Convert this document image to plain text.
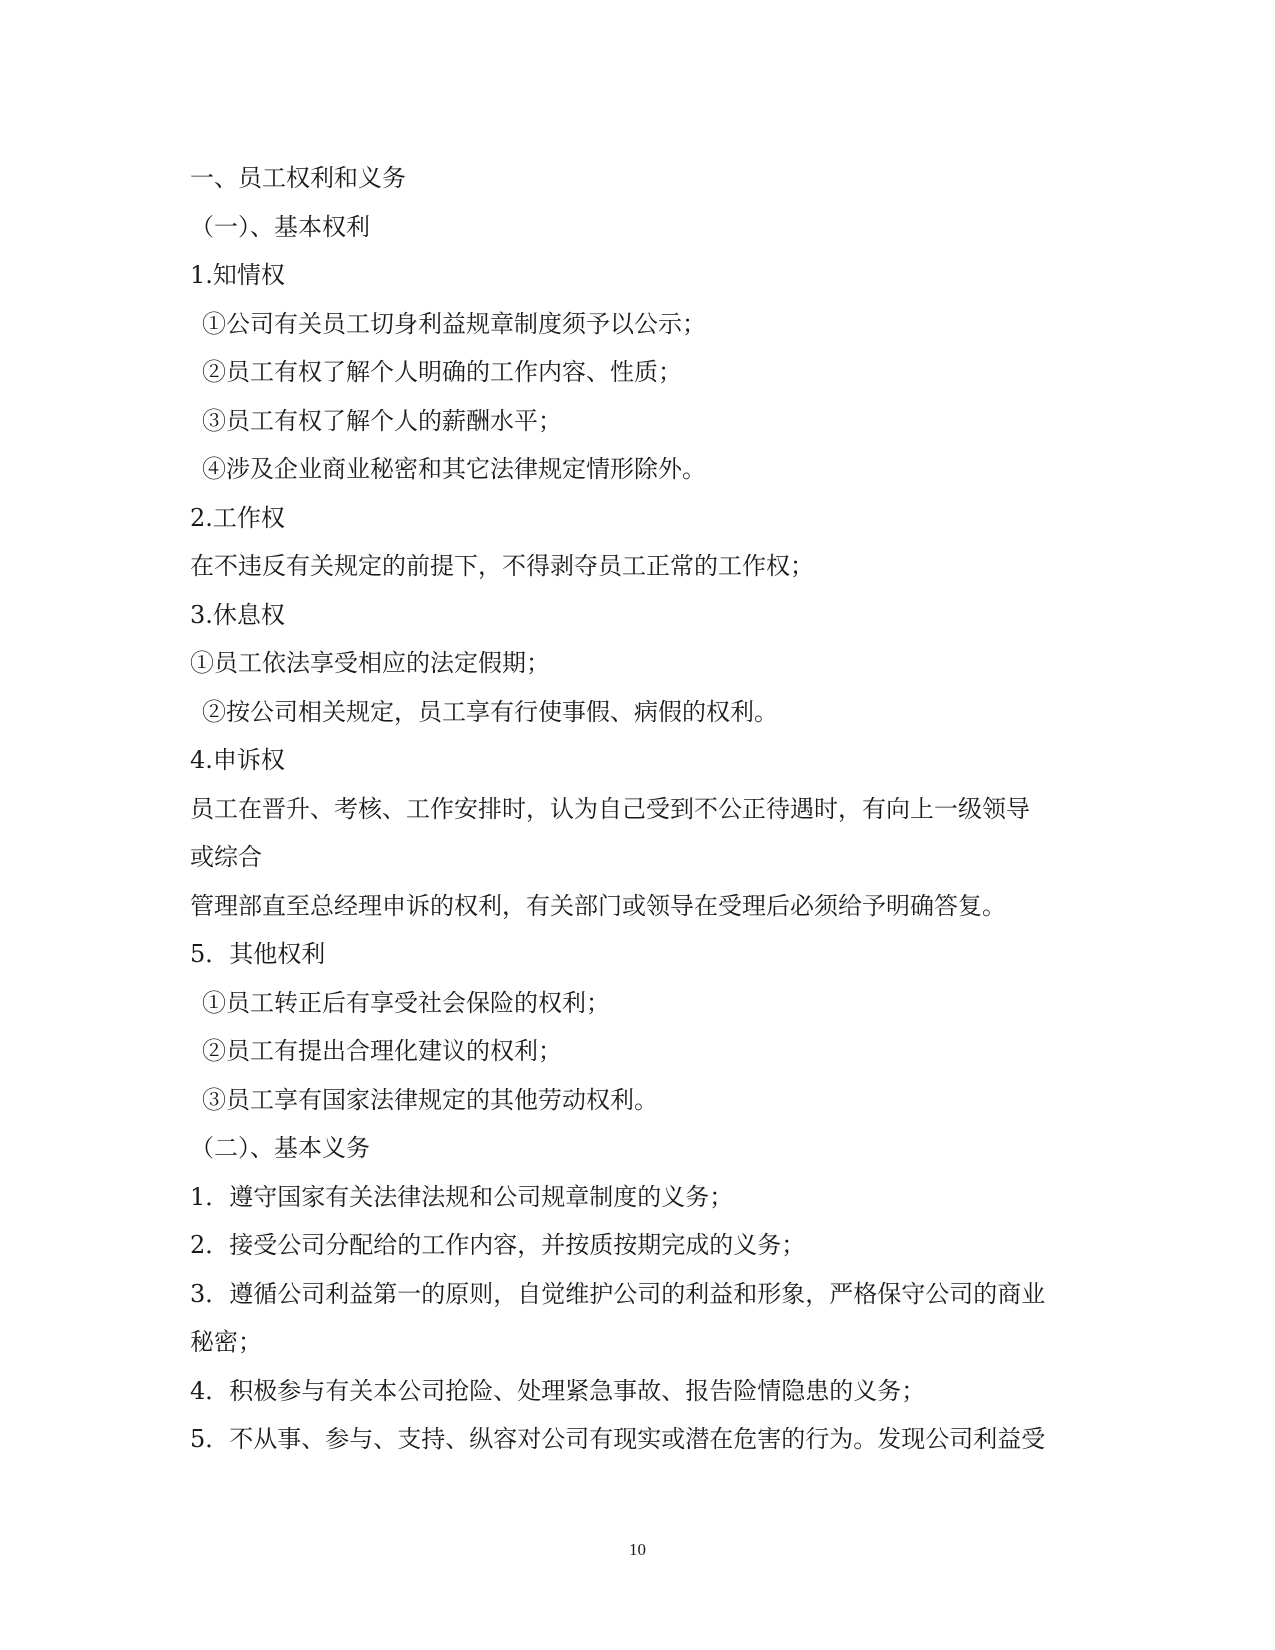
一、员工权利和义务
（一）、基本权利
1.知情权
①公司有关员工切身利益规章制度须予以公示；
②员工有权了解个人明确的工作内容、性质；
③员工有权了解个人的薪酬水平；
④涉及企业商业秘密和其它法律规定情形除外。
2.工作权
在不违反有关规定的前提下，不得剥夺员工正常的工作权；
3.休息权
①员工依法享受相应的法定假期；
②按公司相关规定，员工享有行使事假、病假的权利。
4.申诉权
员工在晋升、考核、工作安排时，认为自己受到不公正待遇时，有向上一级领导
或综合
管理部直至总经理申诉的权利，有关部门或领导在受理后必须给予明确答复。
5．其他权利
①员工转正后有享受社会保险的权利；
②员工有提出合理化建议的权利；
③员工享有国家法律规定的其他劳动权利。
（二）、基本义务
1．遵守国家有关法律法规和公司规章制度的义务；
2．接受公司分配给的工作内容，并按质按期完成的义务；
3．遵循公司利益第一的原则，自觉维护公司的利益和形象，严格保守公司的商业
秘密；
4．积极参与有关本公司抢险、处理紧急事故、报告险情隐患的义务；
5．不从事、参与、支持、纵容对公司有现实或潜在危害的行为。发现公司利益受
10
